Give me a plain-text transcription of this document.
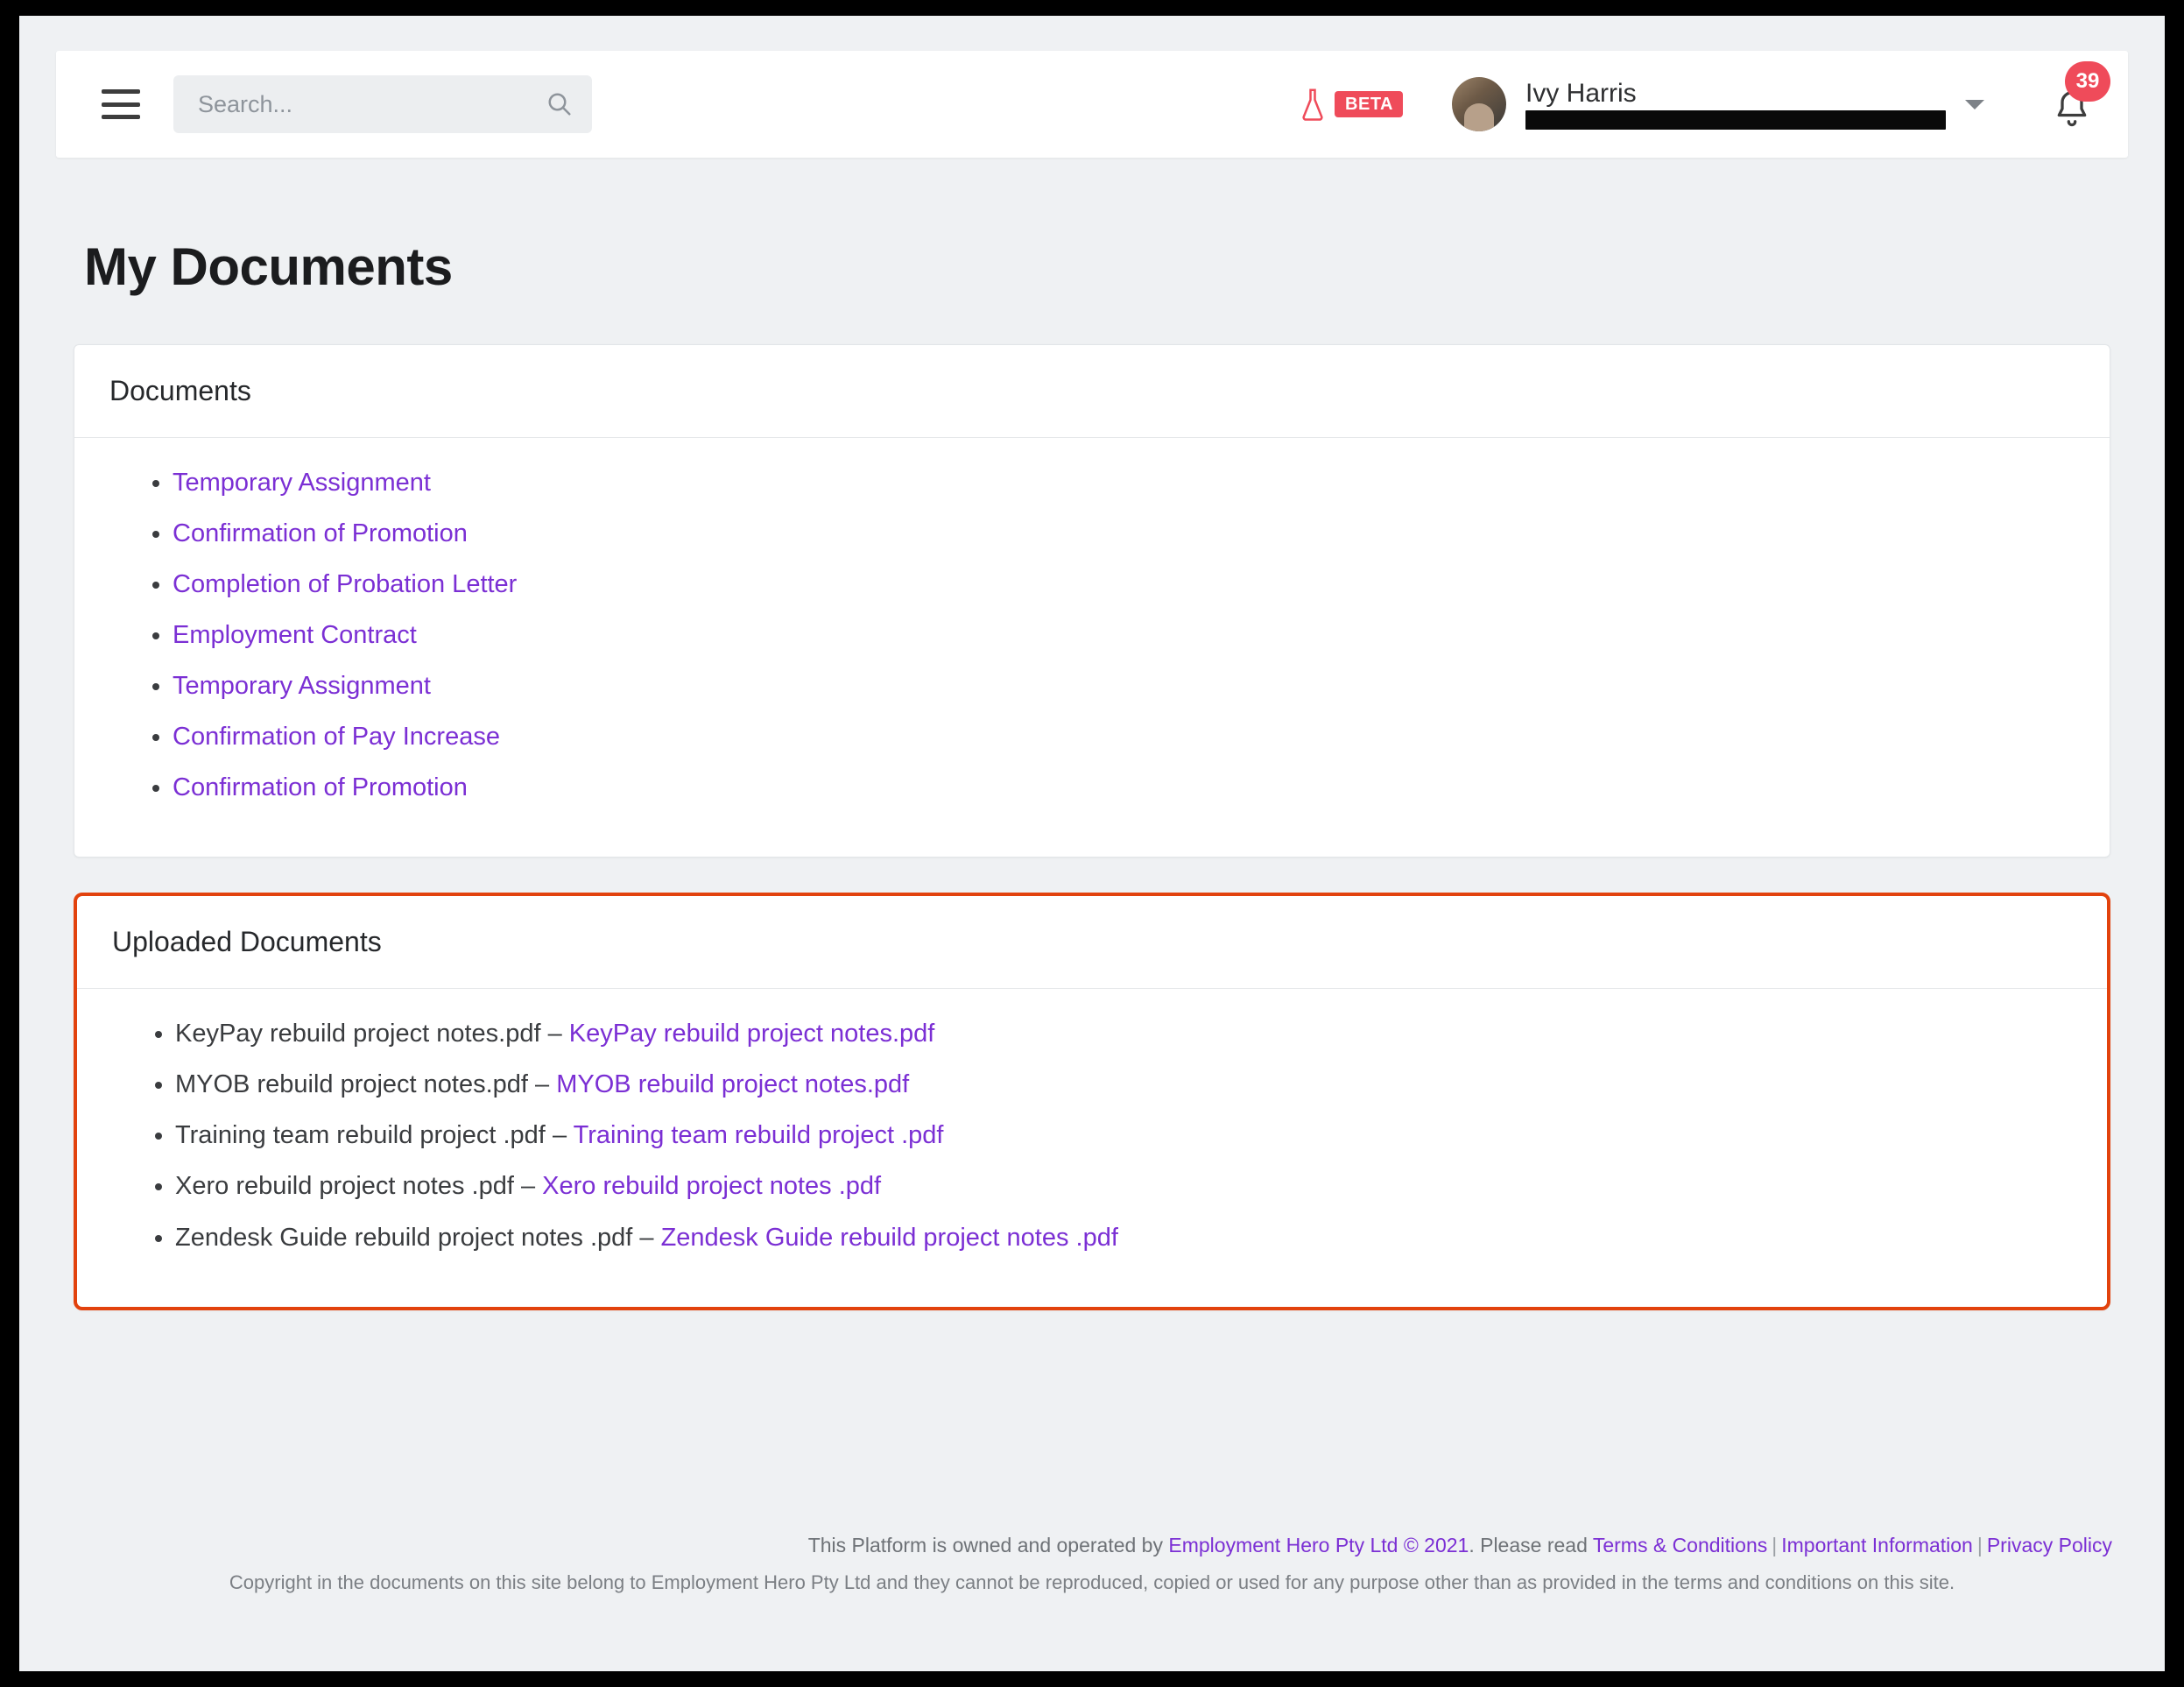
Search...
BETA	Ivy Harris	39
My Documents
Documents
• Temporary Assignment
• Confirmation of Promotion
• Completion of Probation Letter
• Employment Contract
• Temporary Assignment
• Confirmation of Pay Increase
• Confirmation of Promotion
Uploaded Documents
• KeyPay rebuild project notes.pdf – KeyPay rebuild project notes.pdf
• MYOB rebuild project notes.pdf – MYOB rebuild project notes.pdf
• Training team rebuild project .pdf – Training team rebuild project .pdf
• Xero rebuild project notes .pdf – Xero rebuild project notes .pdf
• Zendesk Guide rebuild project notes .pdf – Zendesk Guide rebuild project notes .pdf
This Platform is owned and operated by Employment Hero Pty Ltd © 2021. Please read Terms & Conditions | Important Information | Privacy Policy
Copyright in the documents on this site belong to Employment Hero Pty Ltd and they cannot be reproduced, copied or used for any purpose other than as provided in the terms and conditions on this site.
